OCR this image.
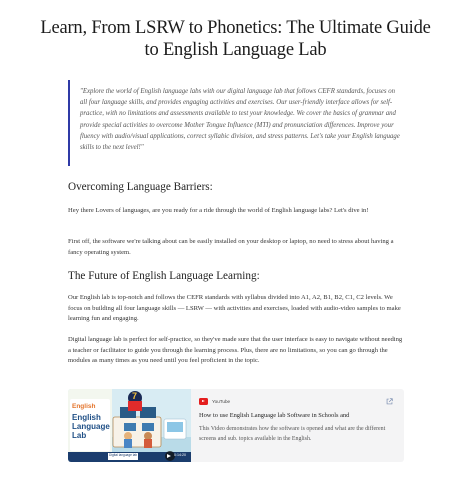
Learn, From LSRW to Phonetics: The Ultimate Guide to English Language Lab

"Explore the world of English language labs with our digital language lab that follows CEFR standards, focuses on all four language skills, and provides engaging activities and exercises. Our user-friendly interface allows for self-practice, with no limitations and assessments available to test your knowledge. We cover the basics of grammar and provide special activities to overcome Mother Tongue Influence (MTI) and pronunciation differences. Improve your fluency with audio/visual applications, correct syllabic division, and stress patterns. Let's take your English language skills to the next level!"

Overcoming Language Barriers:

Hey there Lovers of languages, are you ready for a ride through the world of English language labs? Let's dive in!

First off, the software we're talking about can be easily installed on your desktop or laptop, no need to stress about having a fancy operating system.

The Future of English Language Learning:

Our English lab is top-notch and follows the CEFR standards with syllabus divided into A1, A2, B1, B2, C1, C2 levels. We focus on building all four language skills — LSRW — with activities and exercises, loaded with audio-video samples to make learning fun and engaging.

Digital language lab is perfect for self-practice, so they've made sure that the user interface is easy to navigate without needing a teacher or facilitator to guide you through the learning process. Plus, there are no limitations, so you can go through the modules as many times as you need until you feel proficient in the topic.

English
English Language Lab
7
Digital language lab	0:14:20
YouTube

How to use English Language lab Software in Schools and

This Video demonstrates how the software is opened and what are the different screens and sub. topics available in the English.
